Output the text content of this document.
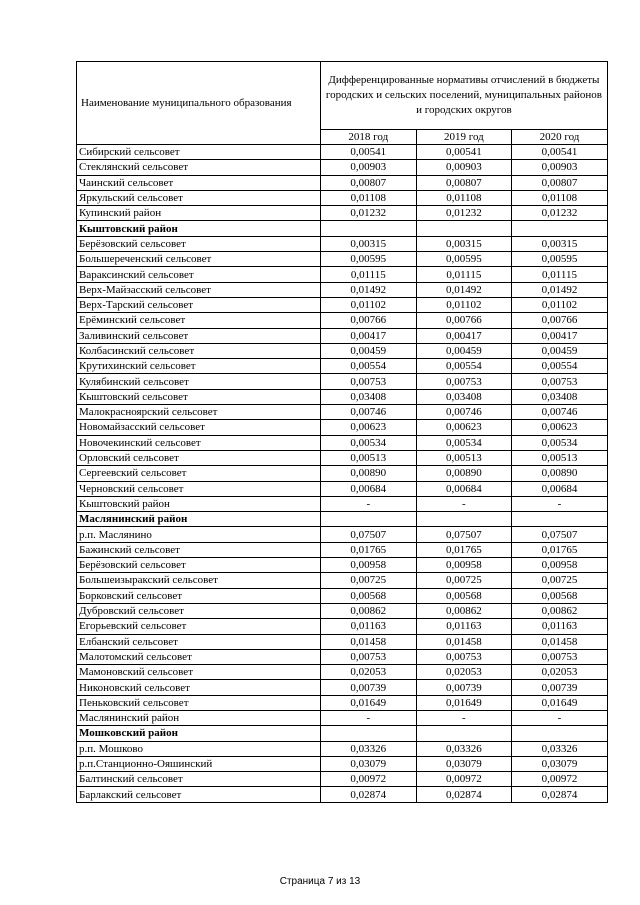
Наименование муниципального образования	Дифференцированные нормативы отчислений в бюджеты городских и сельских поселений, муниципальных районов и городских округов		
	2018 год	2019 год	2020 год
Сибирский сельсовет	0,00541	0,00541	0,00541
Стеклянский сельсовет	0,00903	0,00903	0,00903
Чаинский сельсовет	0,00807	0,00807	0,00807
Яркульский сельсовет	0,01108	0,01108	0,01108
Купинский район	0,01232	0,01232	0,01232
Кыштовский район			
Берёзовский сельсовет	0,00315	0,00315	0,00315
Большереченский сельсовет	0,00595	0,00595	0,00595
Вараксинский сельсовет	0,01115	0,01115	0,01115
Верх-Майзасский сельсовет	0,01492	0,01492	0,01492
Верх-Тарский сельсовет	0,01102	0,01102	0,01102
Ерёминский сельсовет	0,00766	0,00766	0,00766
Заливинский сельсовет	0,00417	0,00417	0,00417
Колбасинский сельсовет	0,00459	0,00459	0,00459
Крутихинский сельсовет	0,00554	0,00554	0,00554
Кулябинский сельсовет	0,00753	0,00753	0,00753
Кыштовский сельсовет	0,03408	0,03408	0,03408
Малокрасноярский сельсовет	0,00746	0,00746	0,00746
Новомайзасский сельсовет	0,00623	0,00623	0,00623
Новочекинский сельсовет	0,00534	0,00534	0,00534
Орловский сельсовет	0,00513	0,00513	0,00513
Сергеевский сельсовет	0,00890	0,00890	0,00890
Черновский сельсовет	0,00684	0,00684	0,00684
Кыштовский район	-	-	-
Маслянинский район			
р.п. Маслянино	0,07507	0,07507	0,07507
Бажинский сельсовет	0,01765	0,01765	0,01765
Берёзовский сельсовет	0,00958	0,00958	0,00958
Большеизыракский сельсовет	0,00725	0,00725	0,00725
Борковский сельсовет	0,00568	0,00568	0,00568
Дубровский сельсовет	0,00862	0,00862	0,00862
Егорьевский сельсовет	0,01163	0,01163	0,01163
Елбанский сельсовет	0,01458	0,01458	0,01458
Малотомский сельсовет	0,00753	0,00753	0,00753
Мамоновский сельсовет	0,02053	0,02053	0,02053
Никоновский сельсовет	0,00739	0,00739	0,00739
Пеньковский сельсовет	0,01649	0,01649	0,01649
Маслянинский район	-	-	-
Мошковский район			
р.п. Мошково	0,03326	0,03326	0,03326
р.п.Станционно-Ояшинский	0,03079	0,03079	0,03079
Балтинский сельсовет	0,00972	0,00972	0,00972
Барлакский сельсовет	0,02874	0,02874	0,02874
Страница 7 из 13
